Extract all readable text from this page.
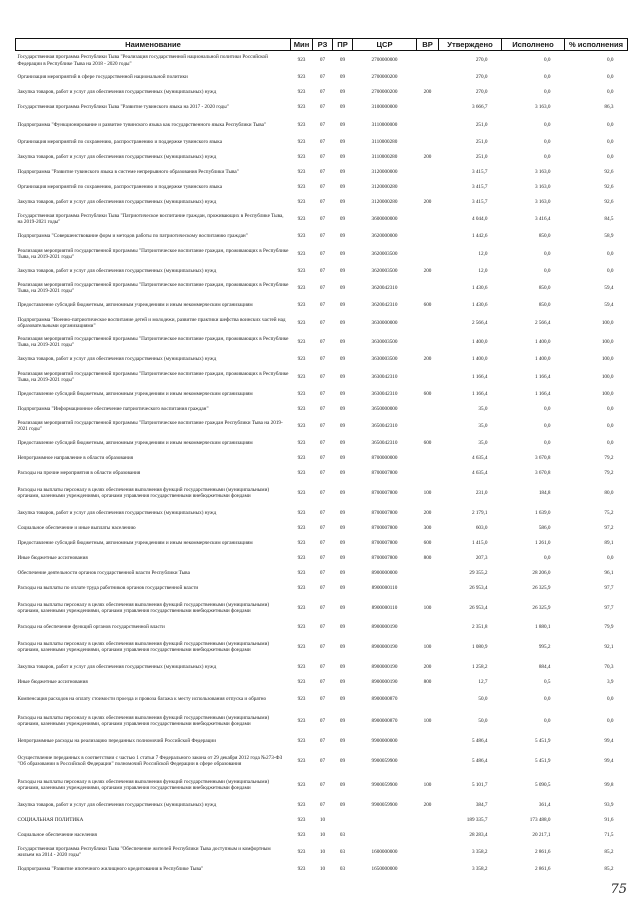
Наименование	Мин	РЗ	ПР	ЦСР	ВР	Утверждено	Исполнено	% исполнения
Государственная программа Республики Тыва "Реализация государственной национальной политики Российской Федерации в Республике Тыва на 2018 - 2020 годы"	923	07	09	2700000000		270,0	0,0	0,0
Организация мероприятий в сфере государственной национальной политики	923	07	09	2700000200		270,0	0,0	0,0
Закупка товаров, работ и услуг для обеспечения государственных (муниципальных) нужд	923	07	09	2700000200	200	270,0	0,0	0,0
Государственная программа Республики Тыва "Развитие тувинского языка на 2017 - 2020 годы"	923	07	09	3100000000		3 666,7	3 163,0	86,3
Подпрограмма "Функционирование и развитие тувинского языка как государственного языка Республики Тыва"	923	07	09	3110000000		251,0	0,0	0,0
Организация мероприятий по сохранению, распространению и поддержке тувинского языка	923	07	09	3110000280		251,0	0,0	0,0
Закупка товаров, работ и услуг для обеспечения государственных (муниципальных) нужд	923	07	09	3110000280	200	251,0	0,0	0,0
Подпрограмма "Развитие тувинского языка в системе непрерывного образования Республики Тыва"	923	07	09	3120000000		3 415,7	3 163,0	92,6
Организация мероприятий по сохранению, распространению и поддержке тувинского языка	923	07	09	3120000280		3 415,7	3 163,0	92,6
Закупка товаров, работ и услуг для обеспечения государственных (муниципальных) нужд	923	07	09	3120000280	200	3 415,7	3 163,0	92,6
Государственная программа Республики Тыва "Патриотическое воспитание граждан, проживающих в Республике Тыва, на 2019-2021 годы"	923	07	09	3600000000		4 044,0	3 416,4	84,5
Подпрограмма "Совершенствование форм и методов работы по патриотическому воспитанию граждан"	923	07	09	3620000000		1 442,6	850,0	58,9
Реализация мероприятий государственной программы "Патриотическое воспитание граждан, проживающих в Республике Тыва, на 2019-2021 годы"	923	07	09	3620003500		12,0	0,0	0,0
Закупка товаров, работ и услуг для обеспечения государственных (муниципальных) нужд	923	07	09	3620003500	200	12,0	0,0	0,0
Реализация мероприятий государственной программы "Патриотическое воспитание граждан, проживающих в Республике Тыва, на 2019-2021 годы"	923	07	09	3620042310		1 430,6	850,0	59,4
Предоставление субсидий бюджетным, автономным учреждениям и иным некоммерческим организациям	923	07	09	3620042310	600	1 430,6	850,0	59,4
Подпрограмма "Военно-патриотическое воспитание детей и молодежи, развитие практики шефства воинских частей над образовательными организациями"	923	07	09	3630000000		2 566,4	2 566,4	100,0
Реализация мероприятий государственной программы "Патриотическое воспитание граждан, проживающих в Республике Тыва, на 2019-2021 годы"	923	07	09	3630003500		1 400,0	1 400,0	100,0
Закупка товаров, работ и услуг для обеспечения государственных (муниципальных) нужд	923	07	09	3630003500	200	1 400,0	1 400,0	100,0
Реализация мероприятий государственной программы "Патриотическое воспитание граждан, проживающих в Республике Тыва, на 2019-2021 годы"	923	07	09	3630042310		1 166,4	1 166,4	100,0
Предоставление субсидий бюджетным, автономным учреждениям и иным некоммерческим организациям	923	07	09	3630042310	600	1 166,4	1 166,4	100,0
Подпрограмма "Информационное обеспечение патриотического воспитания граждан"	923	07	09	3650000000		35,0	0,0	0,0
Реализация мероприятий государственной программы "Патриотическое воспитание граждан Республики Тыва на 2019-2021 годы"	923	07	09	3650042310		35,0	0,0	0,0
Предоставление субсидий бюджетным, автономным учреждениям и иным некоммерческим организациям	923	07	09	3650042310	600	35,0	0,0	0,0
Непрограммное направление в области образования	923	07	09	8700000000		4 635,4	3 670,8	79,2
Расходы на прочие мероприятия в области образования	923	07	09	8700007800		4 635,4	3 670,8	79,2
Расходы на выплаты персоналу в целях обеспечения выполнения функций государственными (муниципальными) органами, казенными учреждениями, органами управления государственными внебюджетными фондами	923	07	09	8700007800	100	231,0	184,8	80,0
Закупка товаров, работ и услуг для обеспечения государственных (муниципальных) нужд	923	07	09	8700007800	200	2 179,1	1 639,0	75,2
Социальное обеспечение и иные выплаты населению	923	07	09	8700007800	300	603,0	586,0	97,2
Предоставление субсидий бюджетным, автономным учреждениям и иным некоммерческим организациям	923	07	09	8700007800	600	1 415,0	1 261,0	89,1
Иные бюджетные ассигнования	923	07	09	8700007800	800	207,3	0,0	0,0
Обеспечение деятельности органов государственной власти Республики Тыва	923	07	09	8900000000		29 355,2	28 206,0	96,1
Расходы на выплаты по оплате труда работников органов государственной власти	923	07	09	8900000110		26 953,4	26 325,9	97,7
Расходы на выплаты персоналу в целях обеспечения выполнения функций государственными (муниципальными) органами, казенными учреждениями, органами управления государственными внебюджетными фондами	923	07	09	8900000110	100	26 953,4	26 325,9	97,7
Расходы на обеспечение функций органов государственной власти	923	07	09	8900000190		2 351,8	1 880,1	79,9
Расходы на выплаты персоналу в целях обеспечения выполнения функций государственными (муниципальными) органами, казенными учреждениями, органами управления государственными внебюджетными фондами	923	07	09	8900000190	100	1 080,9	995,2	92,1
Закупка товаров, работ и услуг для обеспечения государственных (муниципальных) нужд	923	07	09	8900000190	200	1 258,2	884,4	70,3
Иные бюджетные ассигнования	923	07	09	8900000190	800	12,7	0,5	3,9
Компенсация расходов на оплату стоимости проезда и провоза багажа к месту использования отпуска и обратно	923	07	09	8900000870		50,0	0,0	0,0
Расходы на выплаты персоналу в целях обеспечения выполнения функций государственными (муниципальными) органами, казенными учреждениями, органами управления государственными внебюджетными фондами	923	07	09	8900000870	100	50,0	0,0	0,0
Непрограммные расходы на реализацию переданных полномочий Российской Федерации	923	07	09	9900000000		5 486,4	5 451,9	99,4
Осуществление переданных в соответствии с частью 1 статьи 7 Федерального закона от 29 декабря 2012 года №273-ФЗ "Об образовании в Российской Федерации" полномочий Российской Федерации в сфере образования	923	07	09	9900059900		5 486,4	5 451,9	99,4
Расходы на выплаты персоналу в целях обеспечения выполнения функций государственными (муниципальными) органами, казенными учреждениями, органами управления государственными внебюджетными фондами	923	07	09	9900059900	100	5 101,7	5 090,5	99,8
Закупка товаров, работ и услуг для обеспечения государственных (муниципальных) нужд	923	07	09	9900059900	200	384,7	361,4	93,9
СОЦИАЛЬНАЯ ПОЛИТИКА	923	10				189 335,7	173 488,0	91,6
Социальное обеспечение населения	923	10	03			28 283,4	20 217,1	71,5
Государственная программа Республики Тыва "Обеспечение жителей Республики Тыва доступным и комфортным жильем на 2014 - 2020 годы"	923	10	03	1600000000		3 358,2	2 861,6	85,2
Подпрограмма "Развитие ипотечного жилищного кредитования в Республике Тыва"	923	10	03	1650000000		3 358,2	2 861,6	85,2
75
